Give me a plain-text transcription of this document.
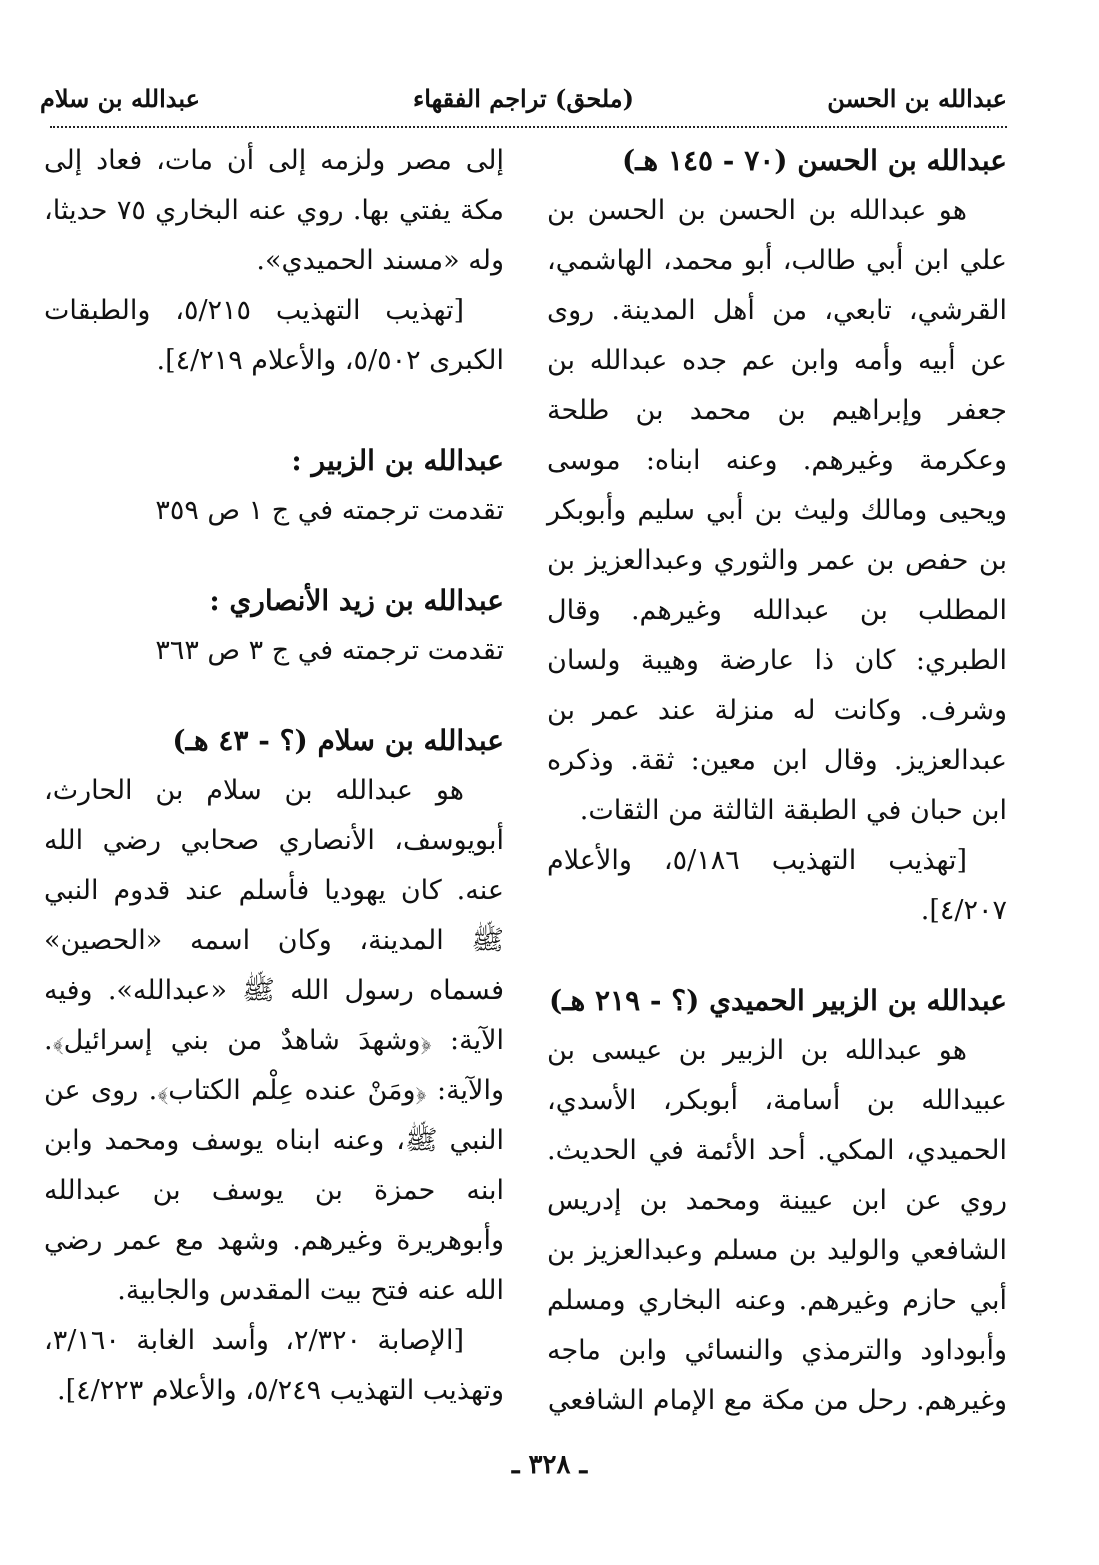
عبدالله بن الحسن
(ملحق) تراجم الفقهاء
عبدالله بن سلام

عبدالله بن الحسن (٧٠ - ١٤٥ هـ)

هو عبدالله بن الحسن بن الحسن بن علي ابن أبي طالب، أبو محمد، الهاشمي، القرشي، تابعي، من أهل المدينة. روى عن أبيه وأمه وابن عم جده عبدالله بن جعفر وإبراهيم بن محمد بن طلحة وعكرمة وغيرهم. وعنه ابناه: موسى ويحيى ومالك وليث بن أبي سليم وأبوبكر بن حفص بن عمر والثوري وعبدالعزيز بن المطلب بن عبدالله وغيرهم. وقال الطبري: كان ذا عارضة وهيبة ولسان وشرف. وكانت له منزلة عند عمر بن عبدالعزيز. وقال ابن معين: ثقة. وذكره ابن حبان في الطبقة الثالثة من الثقات.

[تهذيب التهذيب ٥/١٨٦، والأعلام ٤/٢٠٧].

عبدالله بن الزبير الحميدي (؟ - ٢١٩ هـ)

هو عبدالله بن الزبير بن عيسى بن عبيدالله بن أسامة، أبوبكر، الأسدي، الحميدي، المكي. أحد الأئمة في الحديث. روي عن ابن عيينة ومحمد بن إدريس الشافعي والوليد بن مسلم وعبدالعزيز بن أبي حازم وغيرهم. وعنه البخاري ومسلم وأبوداود والترمذي والنسائي وابن ماجه وغيرهم. رحل من مكة مع الإمام الشافعي

إلى مصر ولزمه إلى أن مات، فعاد إلى مكة يفتي بها. روي عنه البخاري ٧٥ حديثا، وله «مسند الحميدي».

[تهذيب التهذيب ٥/٢١٥، والطبقات الكبرى ٥/٥٠٢، والأعلام ٤/٢١٩].

عبدالله بن الزبير :

تقدمت ترجمته في ج ١ ص ٣٥٩

عبدالله بن زيد الأنصاري :

تقدمت ترجمته في ج ٣ ص ٣٦٣

عبدالله بن سلام (؟ - ٤٣ هـ)

هو عبدالله بن سلام بن الحارث، أبويوسف، الأنصاري صحابي رضي الله عنه. كان يهوديا فأسلم عند قدوم النبي ﷺ المدينة، وكان اسمه «الحصين» فسماه رسول الله ﷺ «عبدالله». وفيه الآية: ﴿وشهدَ شاهدٌ من بني إسرائيل﴾. والآية: ﴿ومَنْ عنده عِلْم الكتاب﴾. روى عن النبي ﷺ، وعنه ابناه يوسف ومحمد وابن ابنه حمزة بن يوسف بن عبدالله وأبوهريرة وغيرهم. وشهد مع عمر رضي الله عنه فتح بيت المقدس والجابية.

[الإصابة ٢/٣٢٠، وأسد الغابة ٣/١٦٠، وتهذيب التهذيب ٥/٢٤٩، والأعلام ٤/٢٢٣].

ـ ٣٢٨ ـ
